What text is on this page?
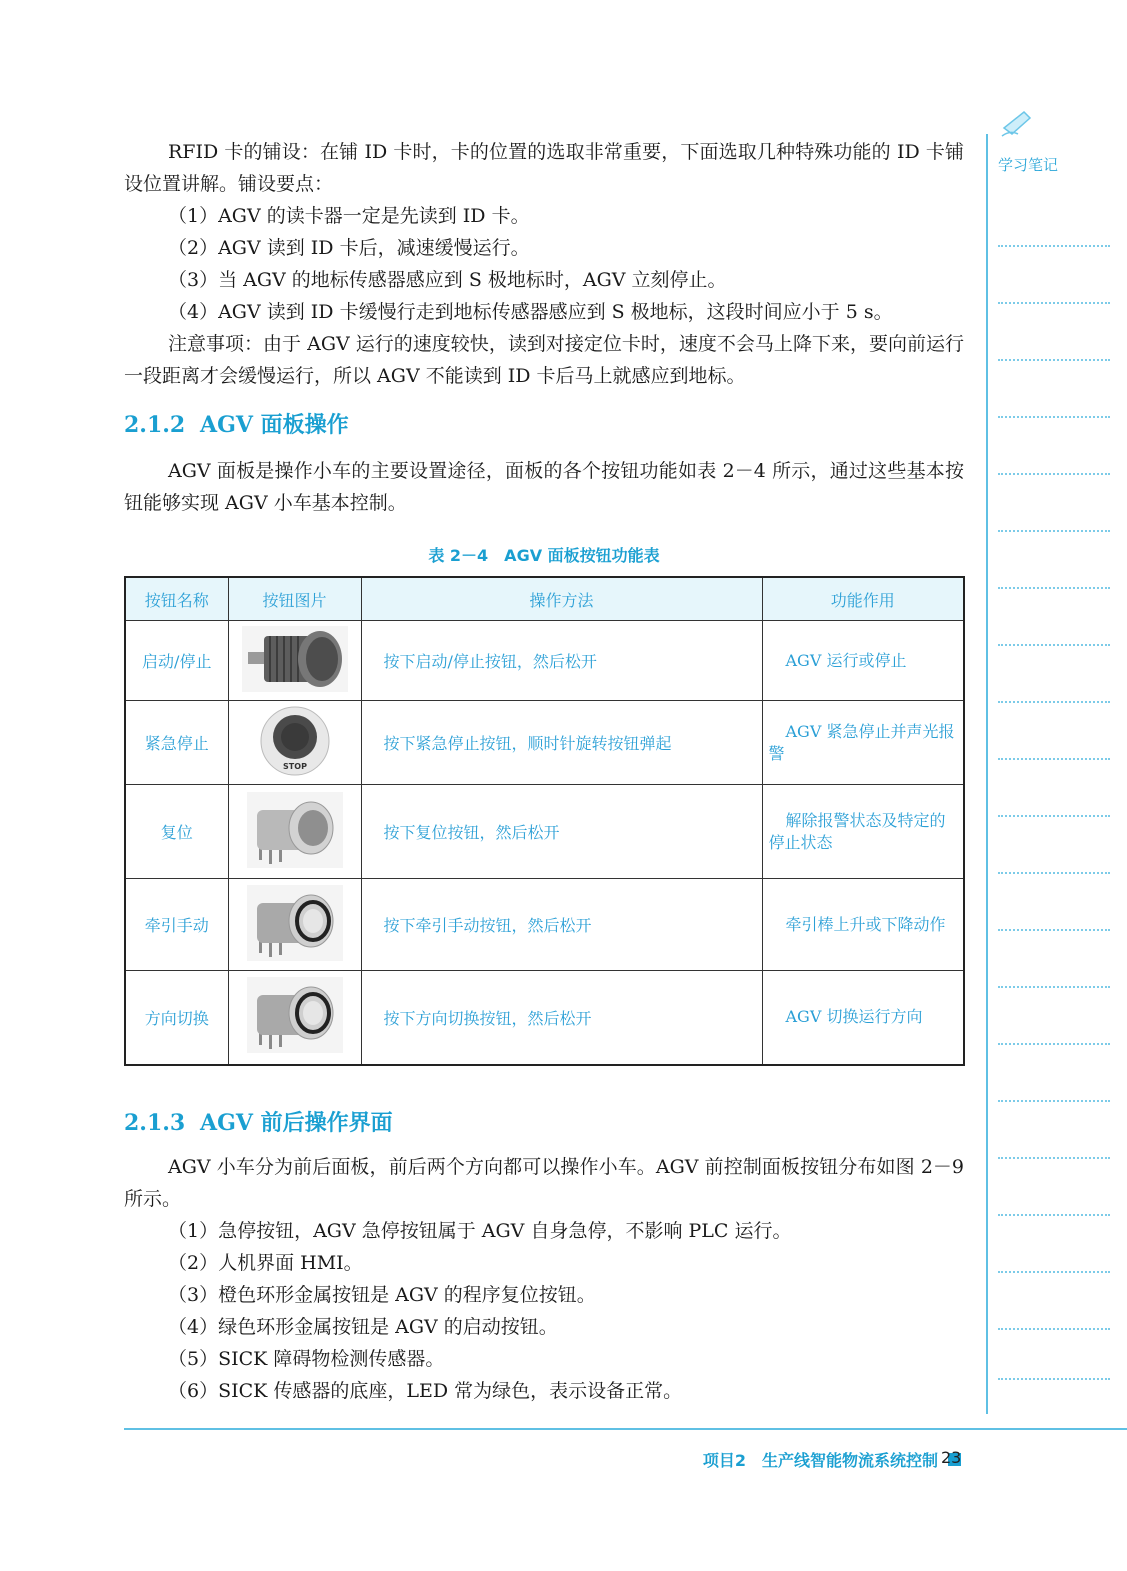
RFID 卡的铺设：在铺 ID 卡时，卡的位置的选取非常重要，下面选取几种特殊功能的 ID 卡铺设位置讲解。铺设要点：

（1）AGV 的读卡器一定是先读到 ID 卡。

（2）AGV 读到 ID 卡后，减速缓慢运行。

（3）当 AGV 的地标传感器感应到 S 极地标时，AGV 立刻停止。

（4）AGV 读到 ID 卡缓慢行走到地标传感器感应到 S 极地标，这段时间应小于 5 s。

注意事项：由于 AGV 运行的速度较快，读到对接定位卡时，速度不会马上降下来，要向前运行一段距离才会缓慢运行，所以 AGV 不能读到 ID 卡后马上就感应到地标。

2.1.2 AGV 面板操作

AGV 面板是操作小车的主要设置途径，面板的各个按钮功能如表 2－4 所示，通过这些基本按钮能够实现 AGV 小车基本控制。

表 2－4　AGV 面板按钮功能表
按钮名称	按钮图片	操作方法	功能作用
启动/停止		按下启动/停止按钮，然后松开	AGV 运行或停止

紧急停止	STOP	按下紧急停止按钮，顺时针旋转按钮弹起	AGV 紧急停止并声光报警

复位		按下复位按钮，然后松开	解除报警状态及特定的停止状态

牵引手动		按下牵引手动按钮，然后松开	牵引棒上升或下降动作

方向切换		按下方向切换按钮，然后松开	AGV 切换运行方向
2.1.3 AGV 前后操作界面

AGV 小车分为前后面板，前后两个方向都可以操作小车。AGV 前控制面板按钮分布如图 2－9 所示。

（1）急停按钮，AGV 急停按钮属于 AGV 自身急停，不影响 PLC 运行。

（2）人机界面 HMI。

（3）橙色环形金属按钮是 AGV 的程序复位按钮。

（4）绿色环形金属按钮是 AGV 的启动按钮。

（5）SICK 障碍物检测传感器。

（6）SICK 传感器的底座，LED 常为绿色，表示设备正常。

学习笔记
项目2　生产线智能物流系统控制 23
